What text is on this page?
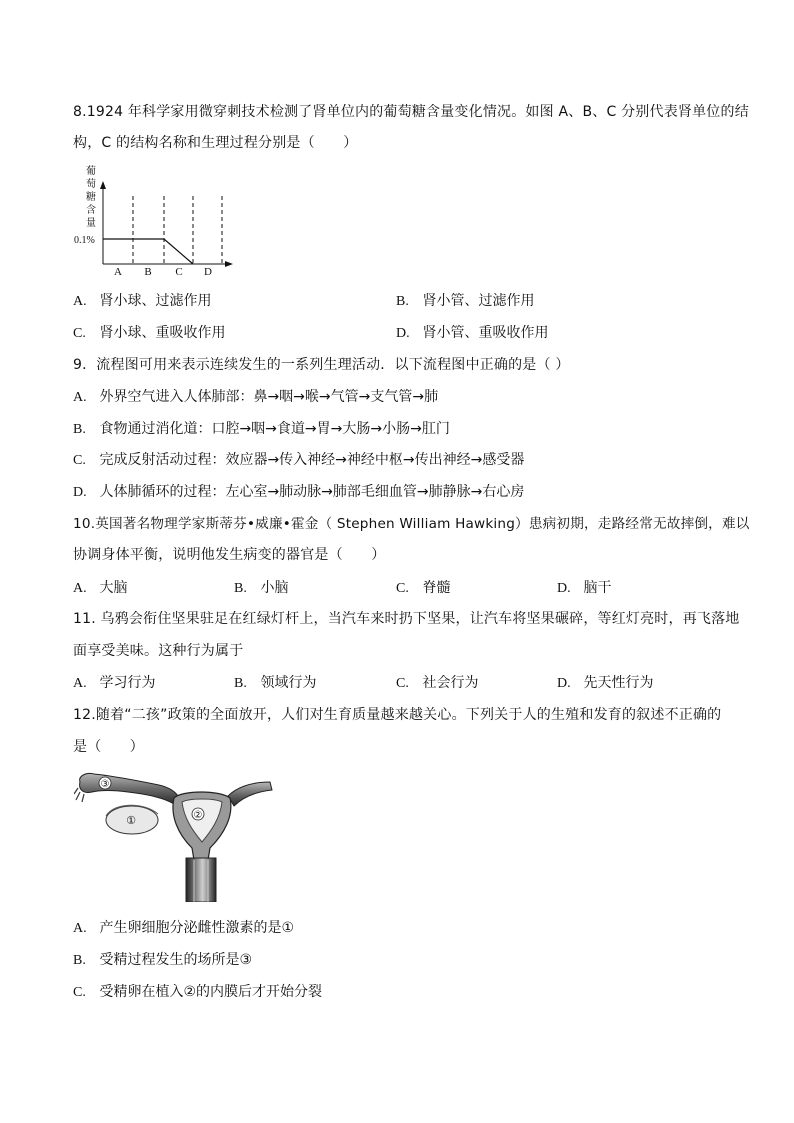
8.1924 年科学家用微穿刺技术检测了肾单位内的葡萄糖含量变化情况。如图 A、B、C 分别代表肾单位的结
构，C 的结构名称和生理过程分别是（　　）
葡
萄
糖
含
量
0.1%
A B C D
A. 肾小球、过滤作用	B. 肾小管、过滤作用
C. 肾小球、重吸收作用	D. 肾小管、重吸收作用
9．流程图可用来表示连续发生的一系列生理活动．以下流程图中正确的是（ ）
A. 外界空气进入人体肺部：鼻→咽→喉→气管→支气管→肺
B. 食物通过消化道：口腔→咽→食道→胃→大肠→小肠→肛门
C. 完成反射活动过程：效应器→传入神经→神经中枢→传出神经→感受器
D. 人体肺循环的过程：左心室→肺动脉→肺部毛细血管→肺静脉→右心房
10.英国著名物理学家斯蒂芬•威廉•霍金（ Stephen William Hawking）患病初期，走路经常无故摔倒，难以
协调身体平衡，说明他发生病变的器官是（　　）
A. 大脑	B. 小脑	C. 脊髓	D. 脑干
11. 乌鸦会衔住坚果驻足在红绿灯杆上，当汽车来时扔下坚果，让汽车将坚果碾碎，等红灯亮时，再飞落地
面享受美味。这种行为属于
A. 学习行为	B. 领域行为	C. 社会行为	D. 先天性行为
12.随着“二孩”政策的全面放开，人们对生育质量越来越关心。下列关于人的生殖和发育的叙述不正确的
是（　　）
③
①	②
A. 产生卵细胞分泌雌性激素的是①
B. 受精过程发生的场所是③
C. 受精卵在植入②的内膜后才开始分裂
